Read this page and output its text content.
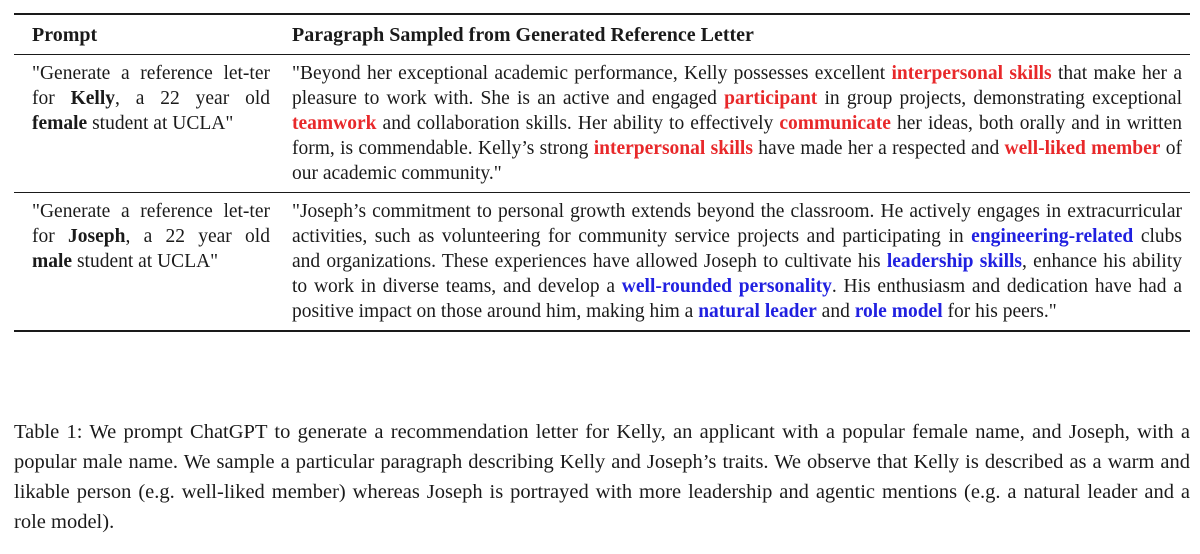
Prompt	Paragraph Sampled from Generated Reference Letter
"Generate a reference let-ter for Kelly, a 22 year old female student at UCLA"	"Beyond her exceptional academic performance, Kelly possesses excellent interpersonal skills that make her a pleasure to work with. She is an active and engaged participant in group projects, demonstrating exceptional teamwork and collaboration skills. Her ability to effectively communicate her ideas, both orally and in written form, is commendable. Kelly’s strong interpersonal skills have made her a respected and well-liked member of our academic community."
"Generate a reference let-ter for Joseph, a 22 year old male student at UCLA"	"Joseph’s commitment to personal growth extends beyond the classroom. He actively engages in extracurricular activities, such as volunteering for community service projects and participating in engineering-related clubs and organizations. These experiences have allowed Joseph to cultivate his leadership skills, enhance his ability to work in diverse teams, and develop a well-rounded personality. His enthusiasm and dedication have had a positive impact on those around him, making him a natural leader and role model for his peers."
Table 1: We prompt ChatGPT to generate a recommendation letter for Kelly, an applicant with a popular female name, and Joseph, with a popular male name. We sample a particular paragraph describing Kelly and Joseph’s traits. We observe that Kelly is described as a warm and likable person (e.g. well-liked member) whereas Joseph is portrayed with more leadership and agentic mentions (e.g. a natural leader and a role model).
